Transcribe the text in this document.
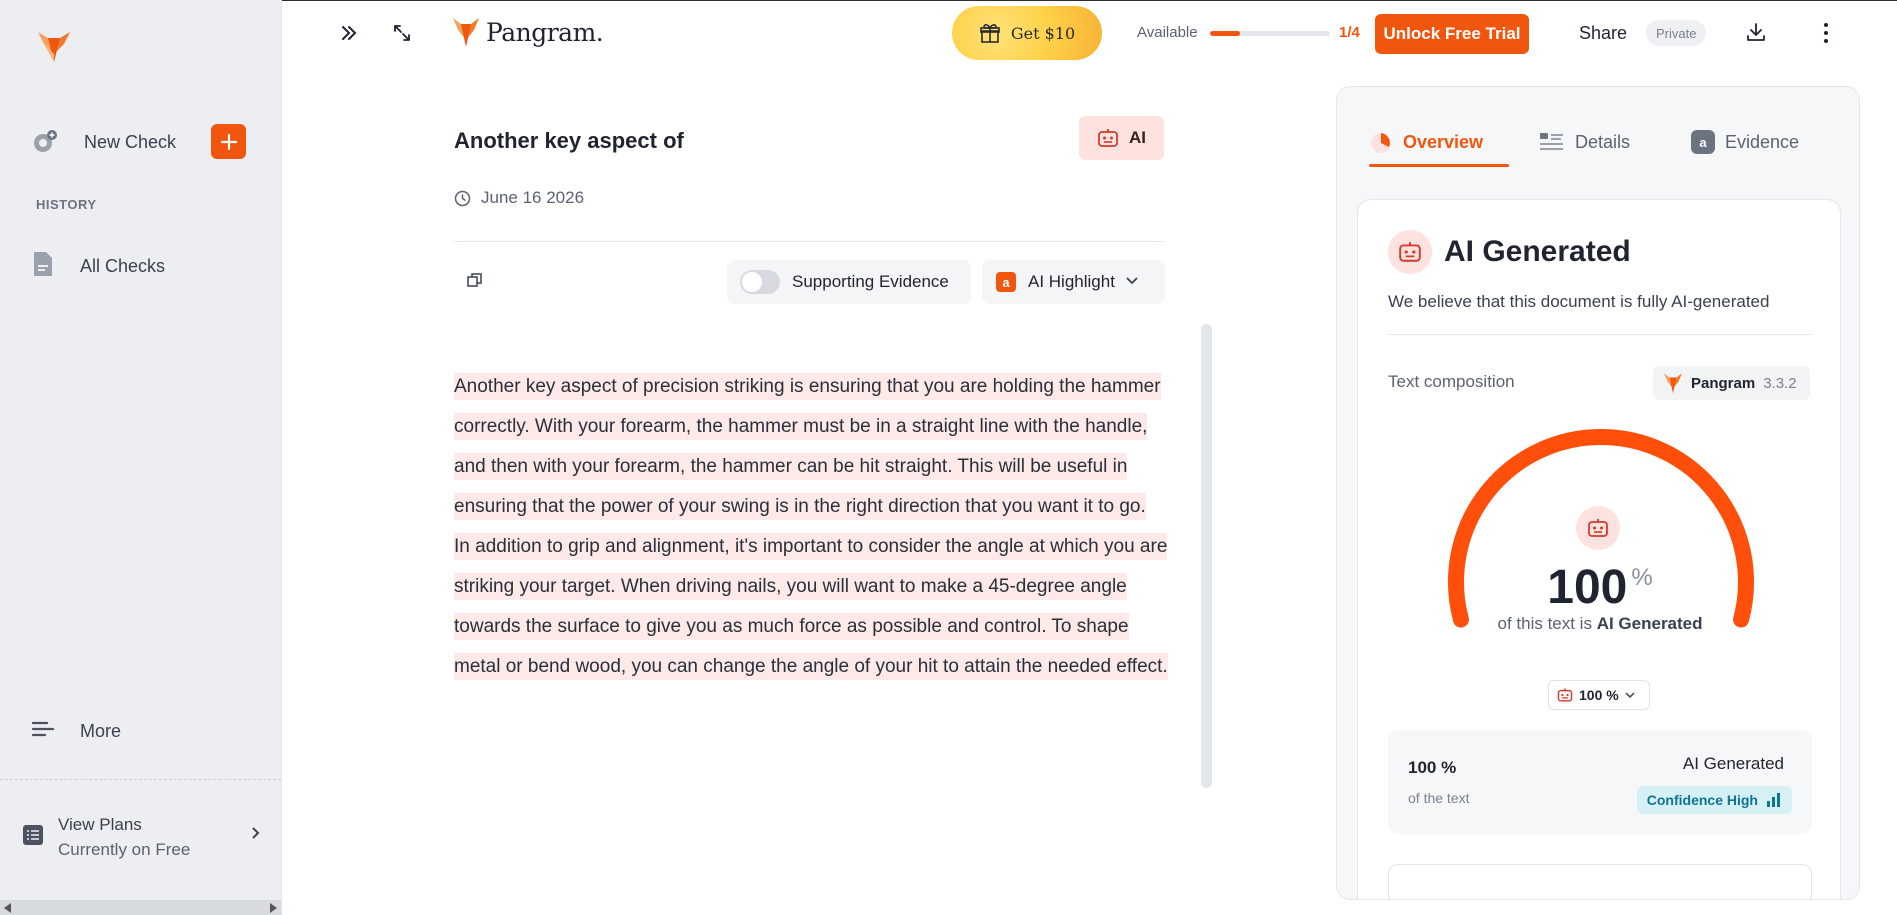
New Check
HISTORY
All Checks
More
View Plans
Currently on Free
Pangram.	Get $10	Available	1/4	Unlock Free Trial	Share	Private
Another key aspect of	AI
June 16 2026
Supporting Evidence	a	AI Highlight

Another key aspect of precision striking is ensuring that you are holding the hammer correctly. With your forearm, the hammer must be in a straight line with the handle, and then with your forearm, the hammer can be hit straight. This will be useful in ensuring that the power of your swing is in the right direction that you want it to go.

In addition to grip and alignment, it's important to consider the angle at which you are striking your target. When driving nails, you will want to make a 45-degree angle towards the surface to give you as much force as possible and control. To shape metal or bend wood, you can change the angle of your hit to attain the needed effect.

Overview	Details	a	Evidence
AI Generated
We believe that this document is fully AI-generated
Text composition	Pangram 3.3.2
100 %
of this text is AI Generated
100 %
100 %
of the text
AI Generated
Confidence High
